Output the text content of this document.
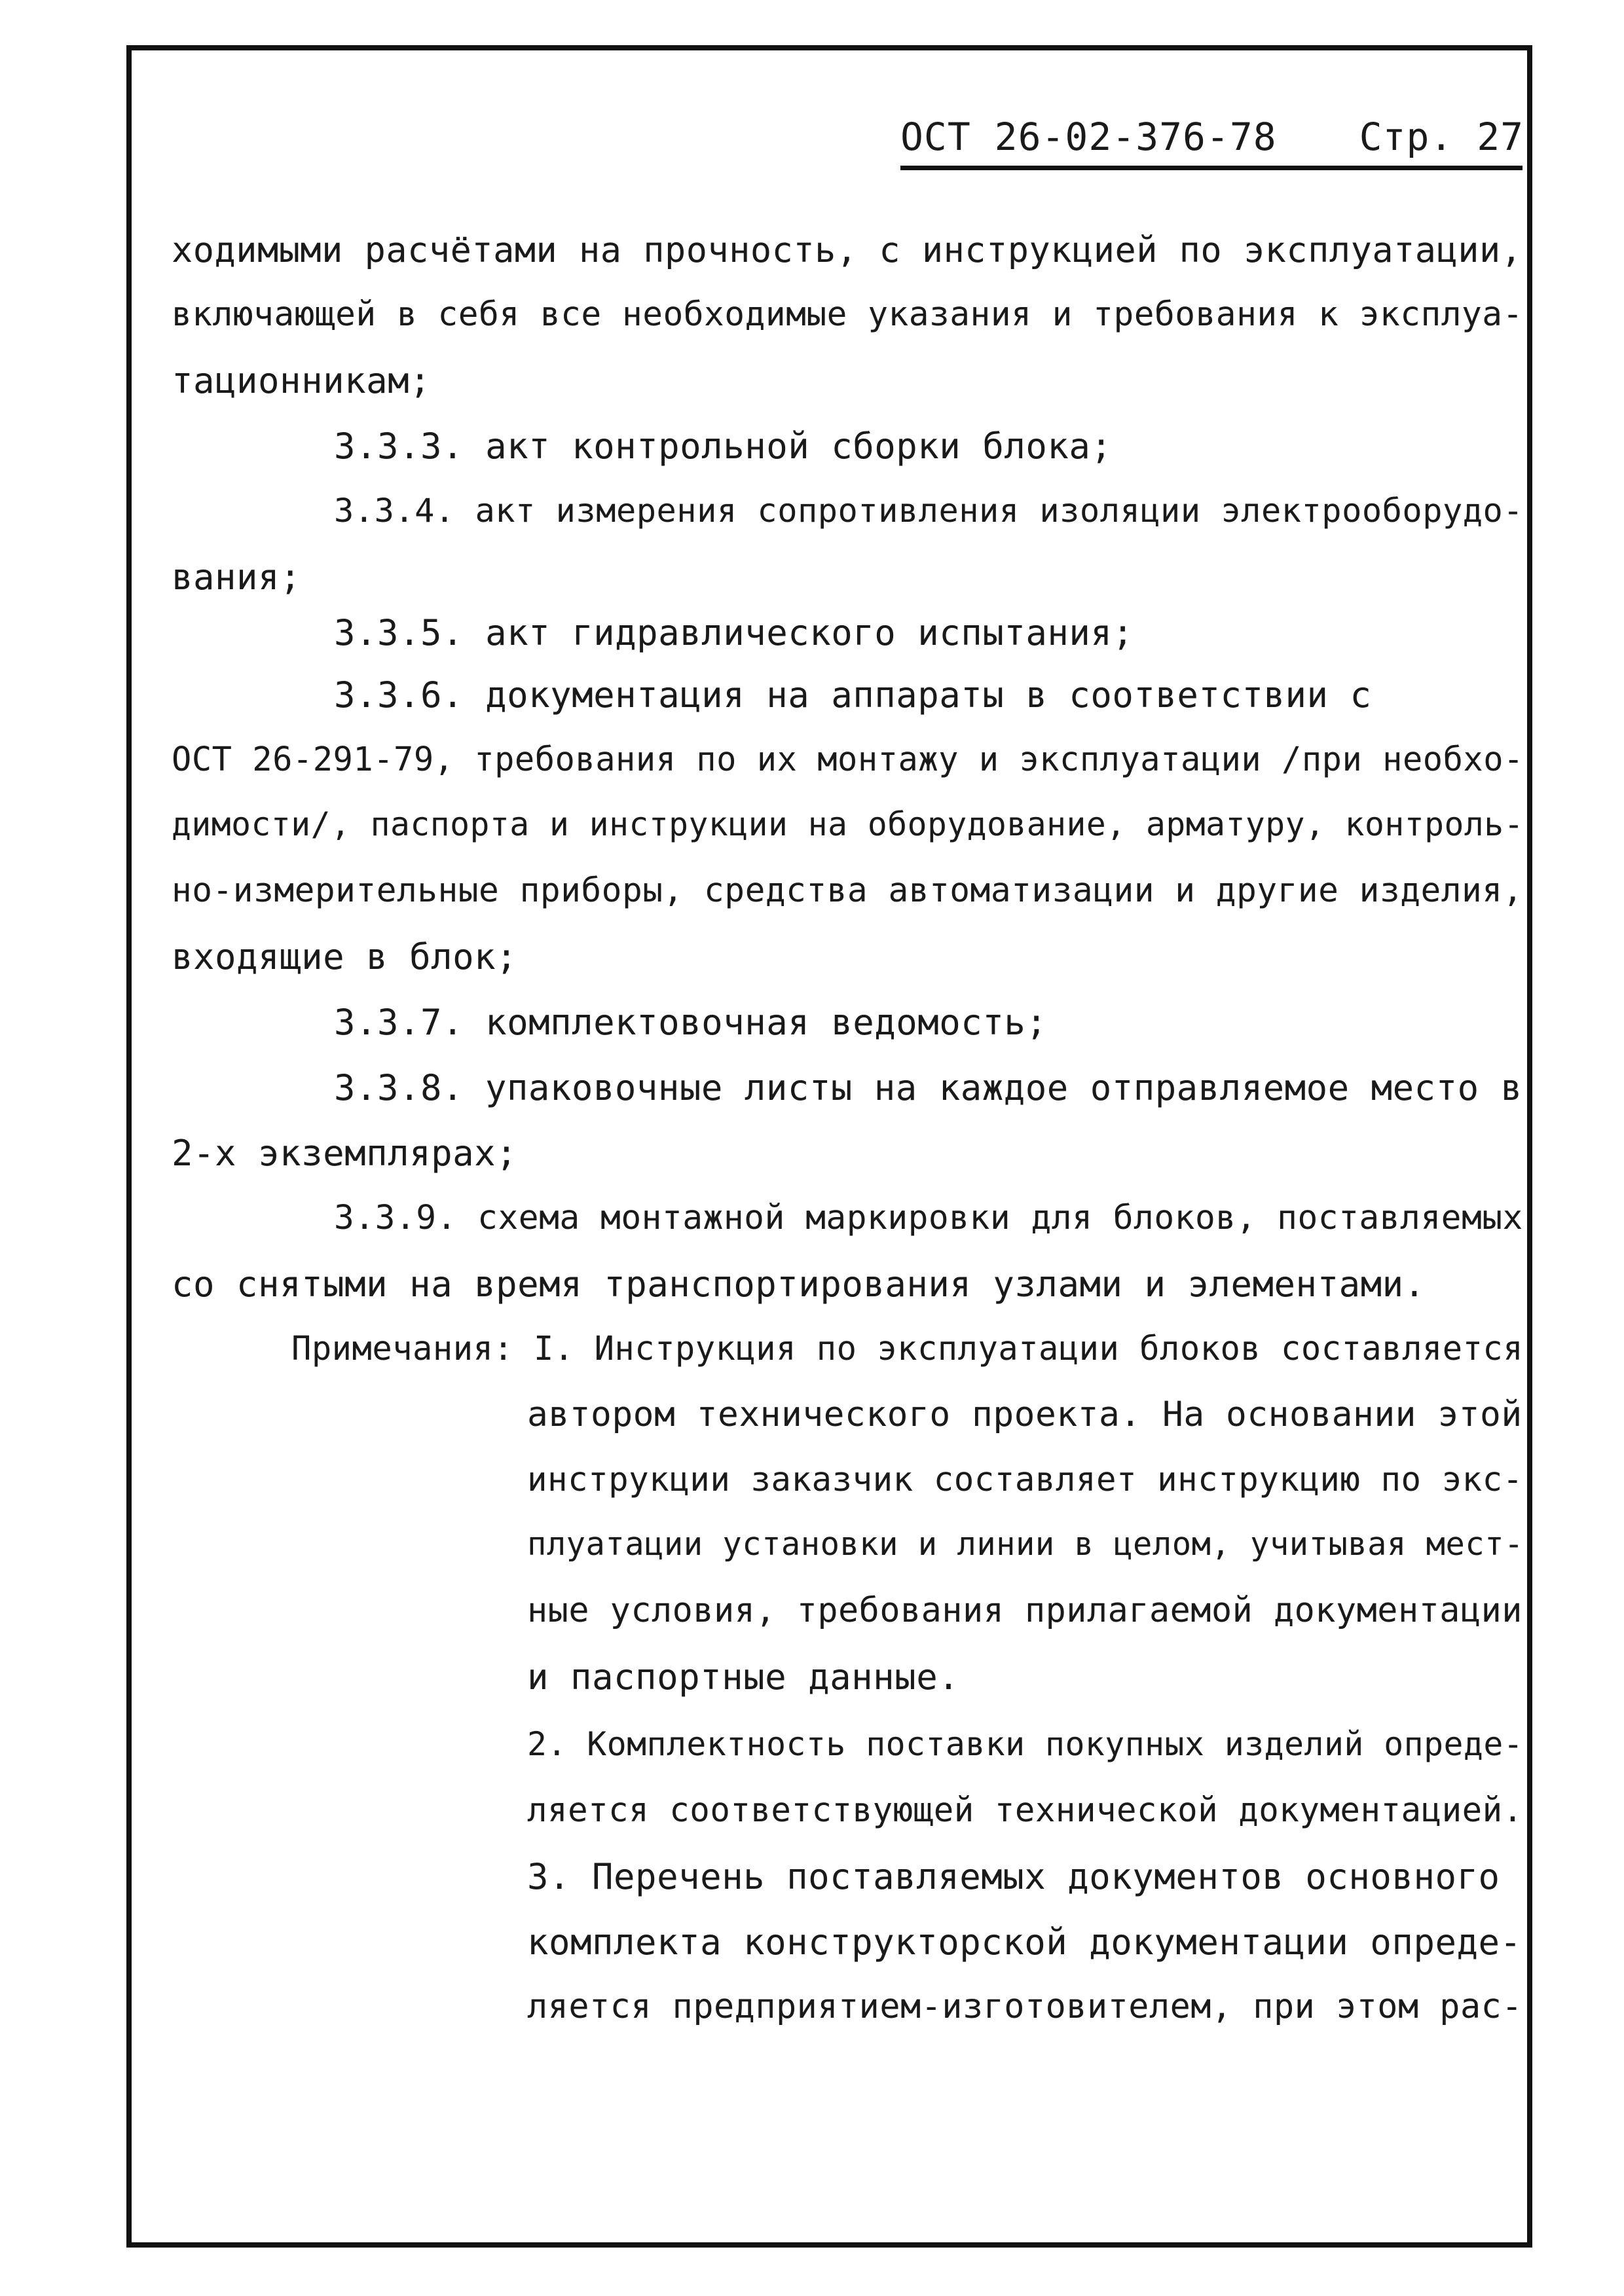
ОСТ 26-02-376-78 Стр. 27
ходимыми расчётами на прочность, с инструкцией по эксплуатации,
включающей в себя все необходимые указания и требования к эксплуа-
тационникам;
3.3.3. акт контрольной сборки блока;
3.3.4. акт измерения сопротивления изоляции электрооборудо-
вания;
3.3.5. акт гидравлического испытания;
3.3.6. документация на аппараты в соответствии с
ОСТ 26-291-79, требования по их монтажу и эксплуатации /при необхо-
димости/, паспорта и инструкции на оборудование, арматуру, контроль-
но-измерительные приборы, средства автоматизации и другие изделия,
входящие в блок;
3.3.7. комплектовочная ведомость;
3.3.8. упаковочные листы на каждое отправляемое место в
2-х экземплярах;
3.3.9. схема монтажной маркировки для блоков, поставляемых
со снятыми на время транспортирования узлами и элементами.
Примечания: I. Инструкция по эксплуатации блоков составляется
автором технического проекта. На основании этой
инструкции заказчик составляет инструкцию по экс-
плуатации установки и линии в целом, учитывая мест-
ные условия, требования прилагаемой документации
и паспортные данные.
2. Комплектность поставки покупных изделий опреде-
ляется соответствующей технической документацией.
3. Перечень поставляемых документов основного
комплекта конструкторской документации опреде-
ляется предприятием-изготовителем, при этом рас-
